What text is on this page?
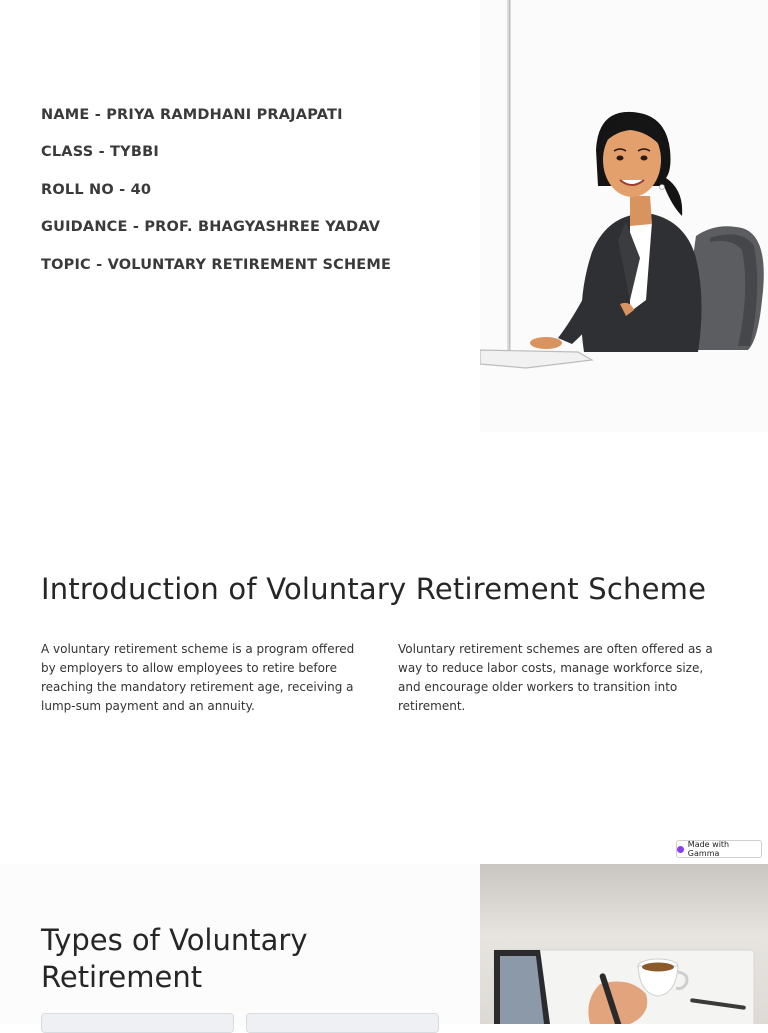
NAME - PRIYA RAMDHANI PRAJAPATI

CLASS - TYBBI

ROLL NO - 40

GUIDANCE - PROF. BHAGYASHREE YADAV

TOPIC - VOLUNTARY RETIREMENT SCHEME

Introduction of Voluntary Retirement Scheme

A voluntary retirement scheme is a program offered by employers to allow employees to retire before reaching the mandatory retirement age, receiving a lump-sum payment and an annuity.

Voluntary retirement schemes are often offered as a way to reduce labor costs, manage workforce size, and encourage older workers to transition into retirement.

Made with Gamma
Types of Voluntary Retirement
